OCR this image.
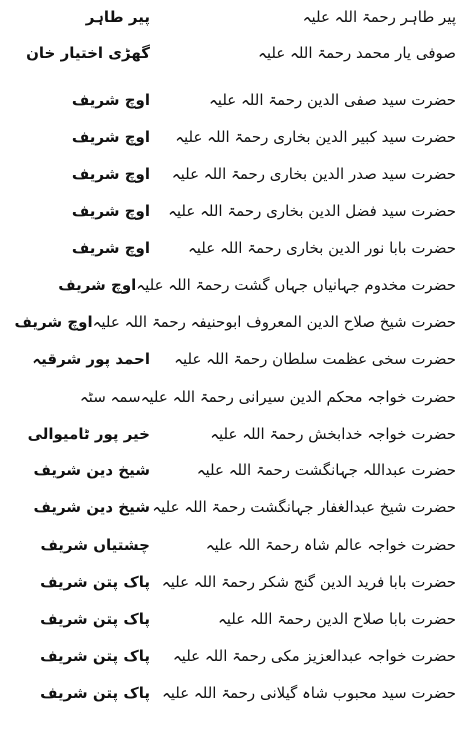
پیر طاہر رحمۃ اللہ علیہ
پیر طاہر
صوفی یار محمد رحمۃ اللہ علیہ
گھڑی اختیار خان
حضرت سید صفی الدین رحمۃ اللہ علیہ
اوچ شریف
حضرت سید کبیر الدین بخاری رحمۃ اللہ علیہ
اوچ شریف
حضرت سید صدر الدین بخاری رحمۃ اللہ علیہ
اوچ شریف
حضرت سید فضل الدین بخاری رحمۃ اللہ علیہ
اوچ شریف
حضرت بابا نور الدین بخاری رحمۃ اللہ علیہ
اوچ شریف
حضرت مخدوم جہانیاں جہاں گشت رحمۃ اللہ علیہ
اوچ شریف
حضرت شیخ صلاح الدین المعروف ابوحنیفہ رحمۃ اللہ علیہ
اوچ شریف
حضرت سخی عظمت سلطان رحمۃ اللہ علیہ
احمد پور شرقیہ
حضرت خواجہ محکم الدین سیرانی رحمۃ اللہ علیہ
سمہ سٹہ
حضرت خواجہ خدابخش رحمۃ اللہ علیہ
خیر پور ٹامیوالی
حضرت عبداللہ جہانگشت رحمۃ اللہ علیہ
شیخ دین شریف
حضرت شیخ عبدالغفار جہانگشت رحمۃ اللہ علیہ
شیخ دین شریف
حضرت خواجہ عالم شاہ رحمۃ اللہ علیہ
چشتیاں شریف
حضرت بابا فرید الدین گنج شکر رحمۃ اللہ علیہ
پاک پتن شریف
حضرت بابا صلاح الدین رحمۃ اللہ علیہ
پاک پتن شریف
حضرت خواجہ عبدالعزیز مکی رحمۃ اللہ علیہ
پاک پتن شریف
حضرت سید محبوب شاہ گیلانی رحمۃ اللہ علیہ
پاک پتن شریف
